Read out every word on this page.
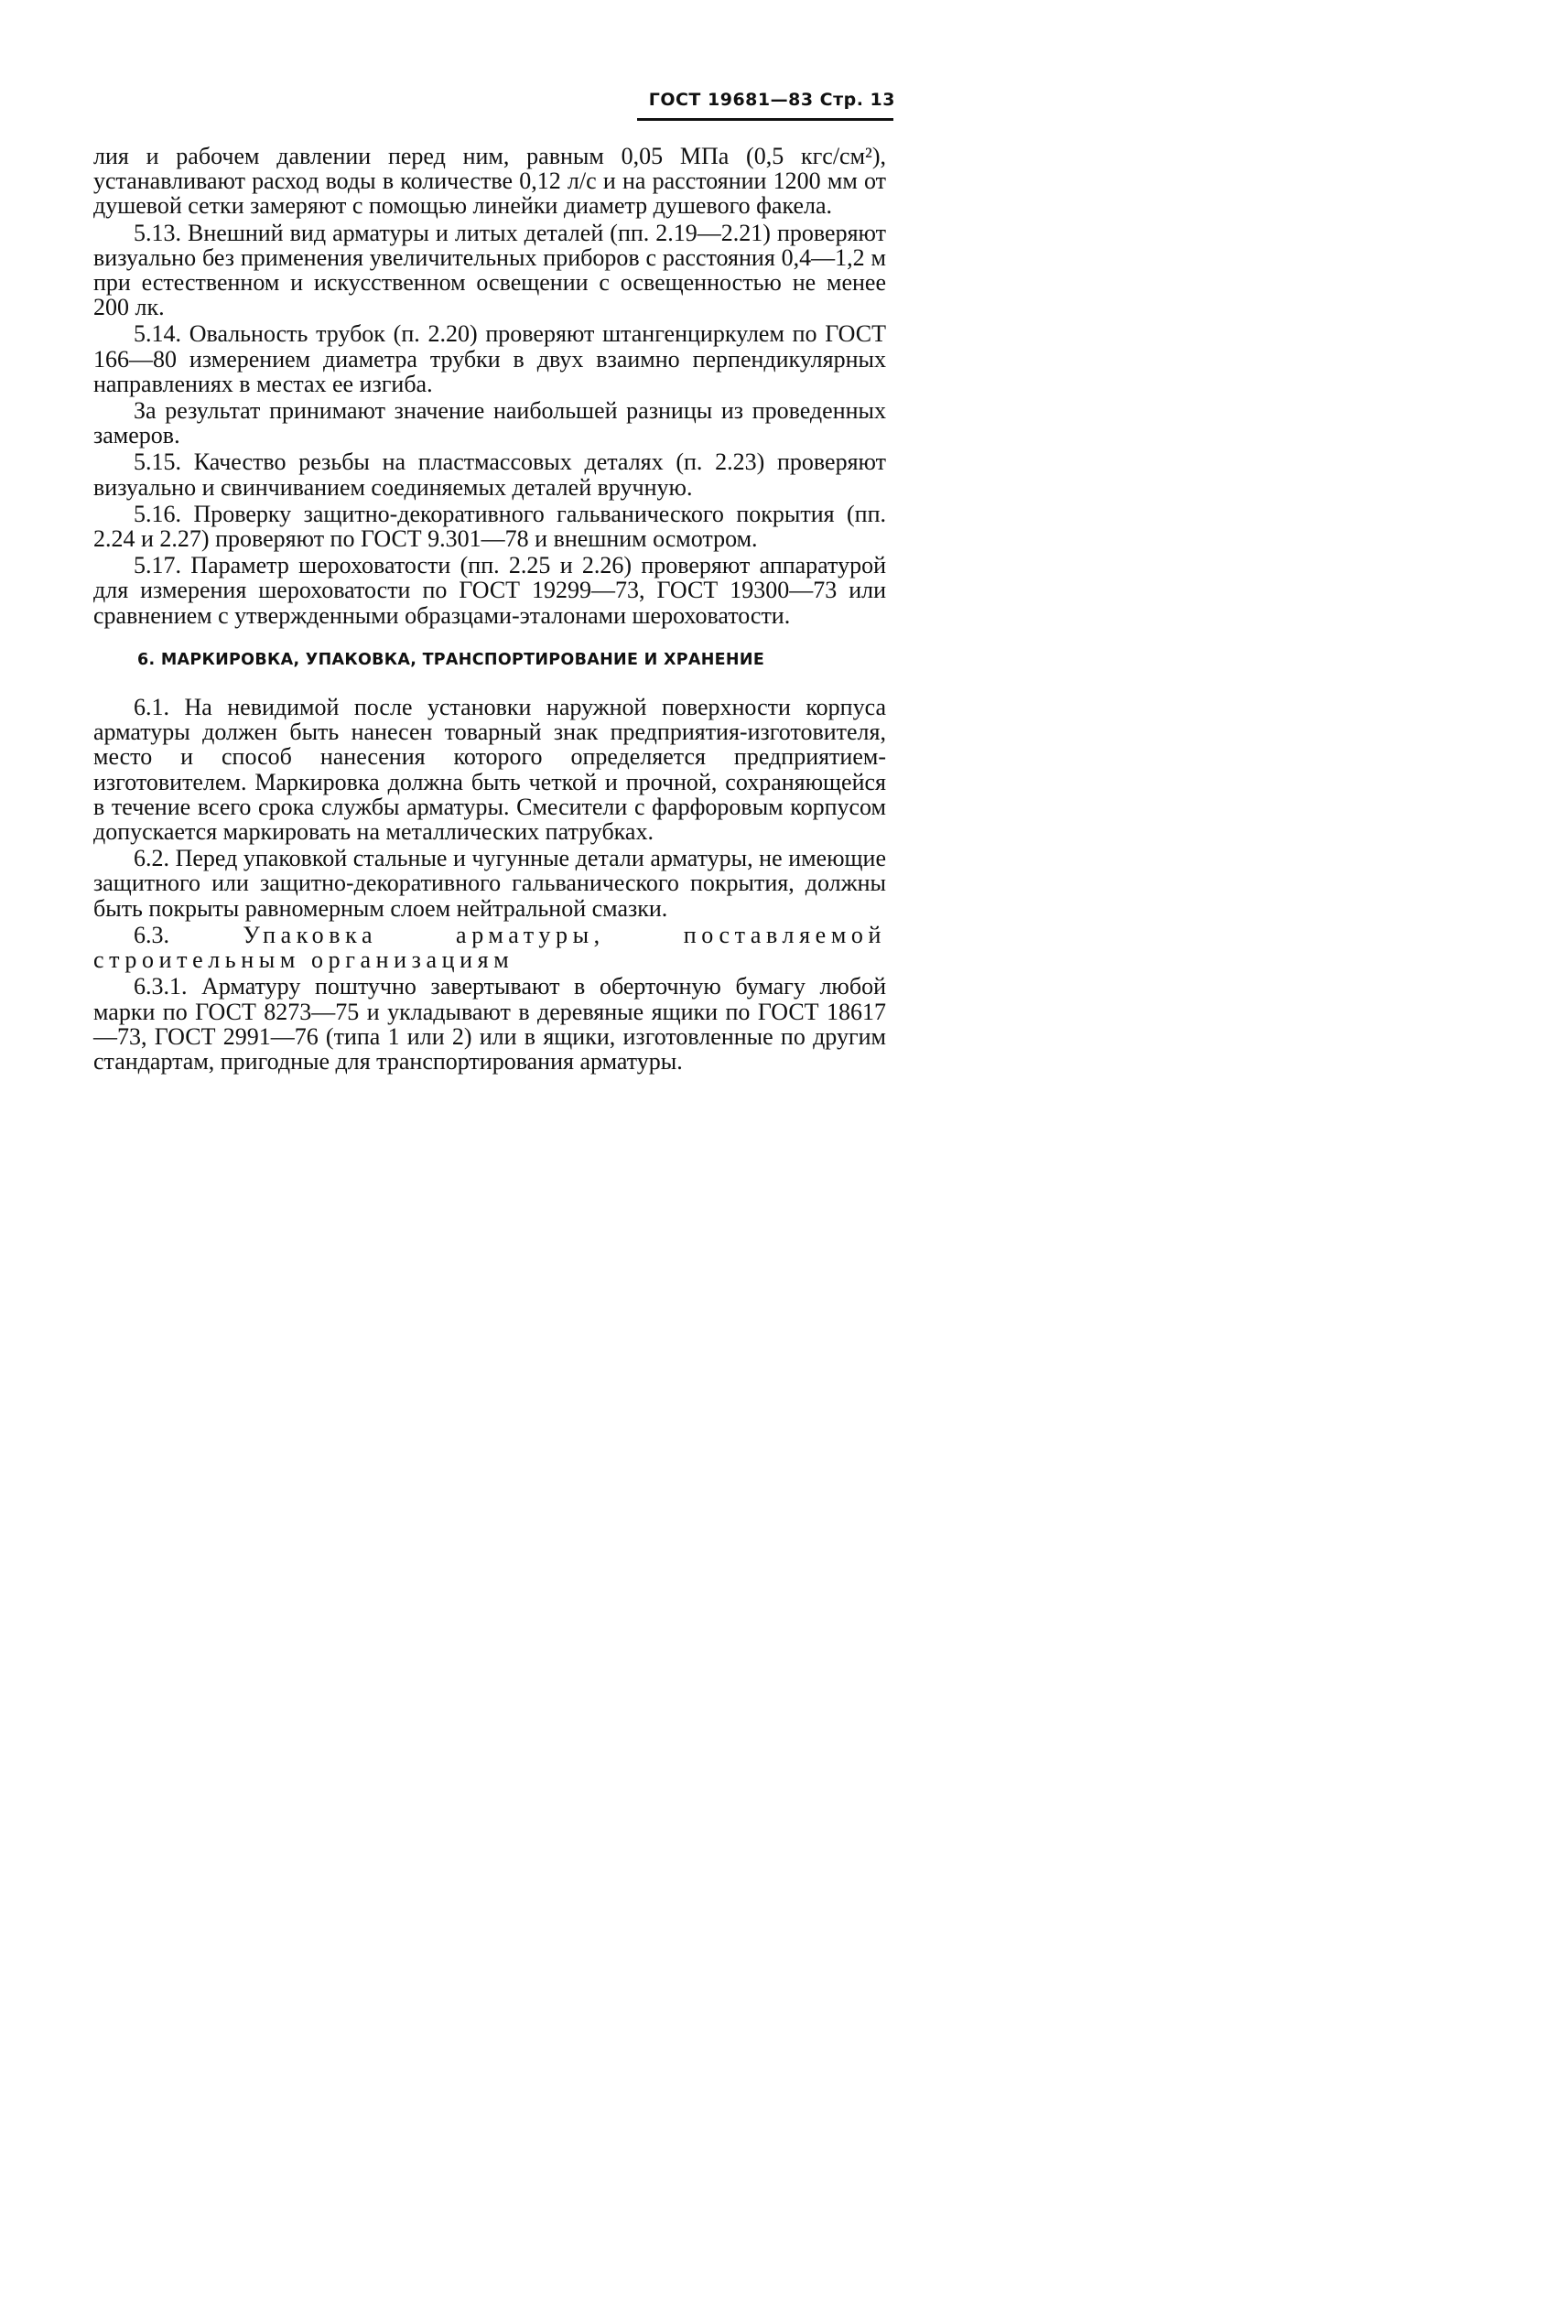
ГОСТ 19681—83 Стр. 13

лия и рабочем давлении перед ним, равным 0,05 МПа (0,5 кгс/см²), устанавливают расход воды в количестве 0,12 л/с и на расстоянии 1200 мм от душевой сетки замеряют с помощью линейки диаметр душевого факела.

5.13. Внешний вид арматуры и литых деталей (пп. 2.19—2.21) проверяют визуально без применения увеличительных приборов с расстояния 0,4—1,2 м при естественном и искусственном освещении с освещенностью не менее 200 лк.

5.14. Овальность трубок (п. 2.20) проверяют штангенциркулем по ГОСТ 166—80 измерением диаметра трубки в двух взаимно перпендикулярных направлениях в местах ее изгиба.

За результат принимают значение наибольшей разницы из проведенных замеров.

5.15. Качество резьбы на пластмассовых деталях (п. 2.23) проверяют визуально и свинчиванием соединяемых деталей вручную.

5.16. Проверку защитно-декоративного гальванического покрытия (пп. 2.24 и 2.27) проверяют по ГОСТ 9.301—78 и внешним осмотром.

5.17. Параметр шероховатости (пп. 2.25 и 2.26) проверяют аппаратурой для измерения шероховатости по ГОСТ 19299—73, ГОСТ 19300—73 или сравнением с утвержденными образцами-эталонами шероховатости.

6. МАРКИРОВКА, УПАКОВКА, ТРАНСПОРТИРОВАНИЕ И ХРАНЕНИЕ

6.1. На невидимой после установки наружной поверхности корпуса арматуры должен быть нанесен товарный знак предприятия-изготовителя, место и способ нанесения которого определяется предприятием-изготовителем. Маркировка должна быть четкой и прочной, сохраняющейся в течение всего срока службы арматуры. Смесители с фарфоровым корпусом допускается маркировать на металлических патрубках.

6.2. Перед упаковкой стальные и чугунные детали арматуры, не имеющие защитного или защитно-декоративного гальванического покрытия, должны быть покрыты равномерным слоем нейтральной смазки.

6.3.	Упаковка арматуры, поставляемой строительным организациям

6.3.1. Арматуру поштучно завертывают в оберточную бумагу любой марки по ГОСТ 8273—75 и укладывают в деревяные ящики по ГОСТ 18617—73, ГОСТ 2991—76 (типа 1 или 2) или в ящики, изготовленные по другим стандартам, пригодные для транспортирования арматуры.
